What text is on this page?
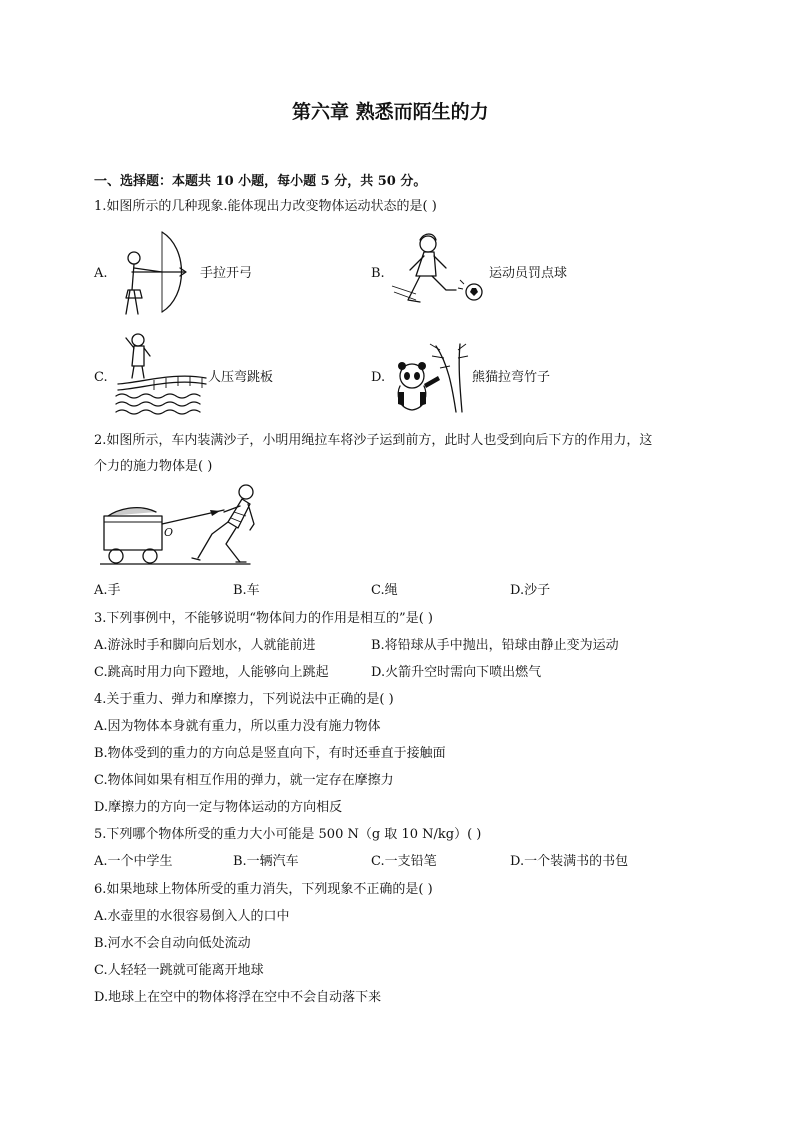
第六章 熟悉而陌生的力
一、选择题：本题共 10 小题，每小题 5 分，共 50 分。
1.如图所示的几种现象.能体现出力改变物体运动状态的是( )
A.	手拉开弓	B.	运动员罚点球
C.	人压弯跳板	D.	熊猫拉弯竹子
2.如图所示，车内装满沙子，小明用绳拉车将沙子运到前方，此时人也受到向后下方的作用力，这
个力的施力物体是( )
O
A.手	B.车	C.绳	D.沙子
3.下列事例中，不能够说明“物体间力的作用是相互的”是( )
A.游泳时手和脚向后划水，人就能前进	B.将铅球从手中抛出，铅球由静止变为运动
C.跳高时用力向下蹬地，人能够向上跳起	D.火箭升空时需向下喷出燃气
4.关于重力、弹力和摩擦力，下列说法中正确的是( )
A.因为物体本身就有重力，所以重力没有施力物体
B.物体受到的重力的方向总是竖直向下，有时还垂直于接触面
C.物体间如果有相互作用的弹力，就一定存在摩擦力
D.摩擦力的方向一定与物体运动的方向相反
5.下列哪个物体所受的重力大小可能是 500 N（g 取 10 N/kg）( )
A.一个中学生	B.一辆汽车	C.一支铅笔	D.一个装满书的书包
6.如果地球上物体所受的重力消失，下列现象不正确的是( )
A.水壶里的水很容易倒入人的口中
B.河水不会自动向低处流动
C.人轻轻一跳就可能离开地球
D.地球上在空中的物体将浮在空中不会自动落下来
